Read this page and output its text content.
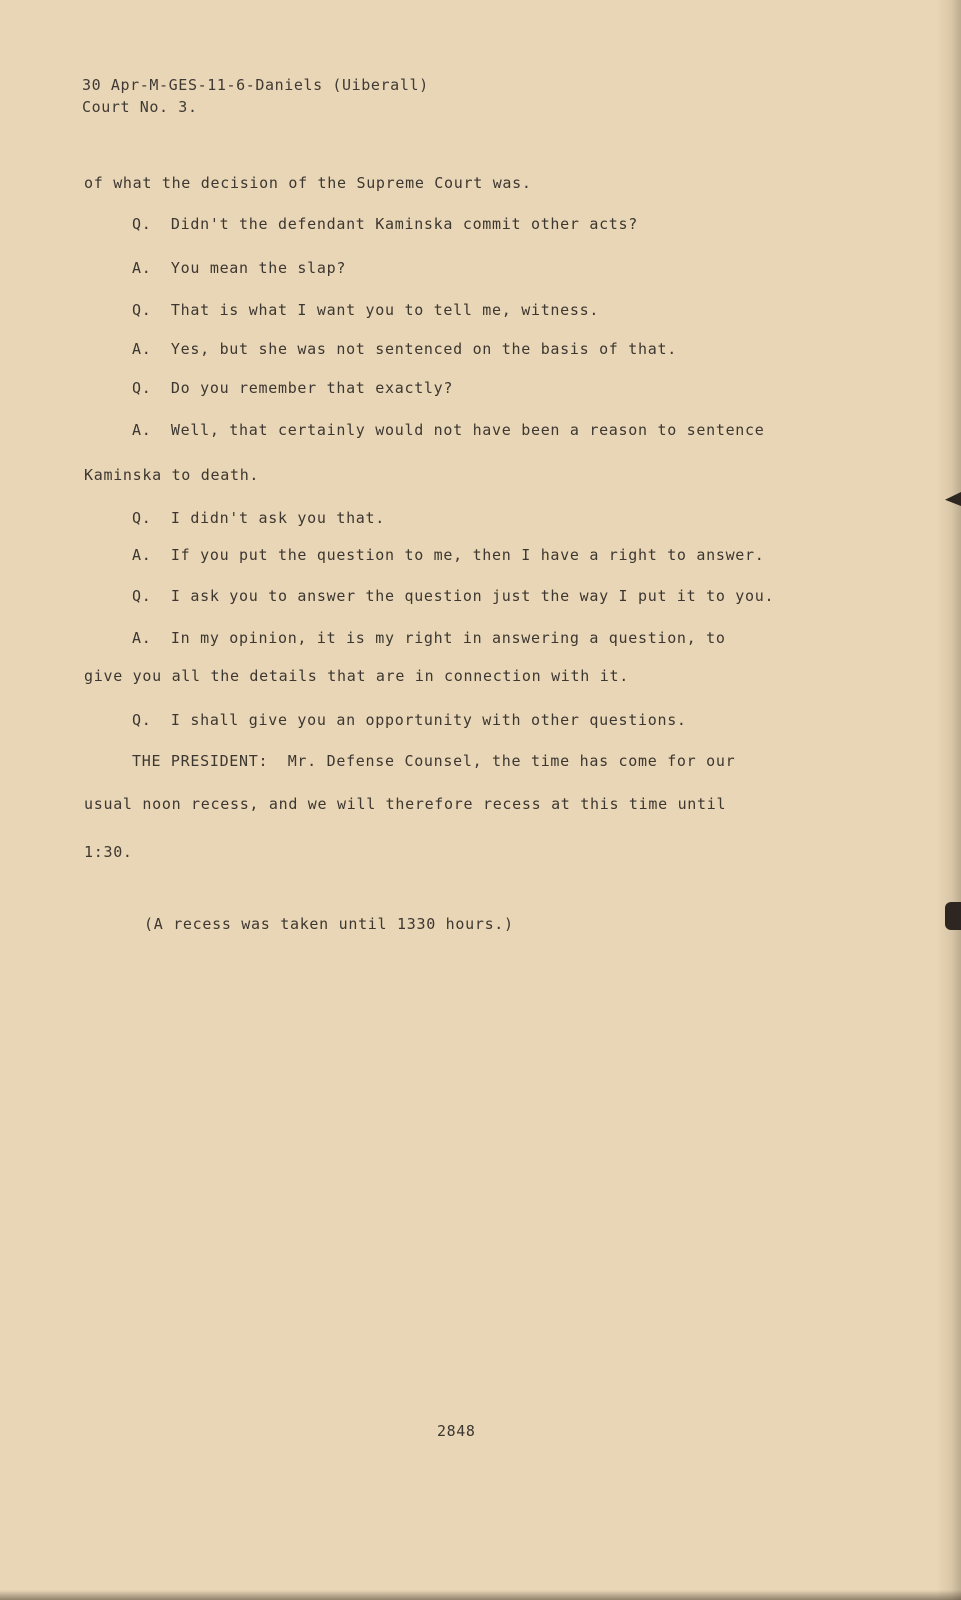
30 Apr-M-GES-11-6-Daniels (Uiberall)
Court No. 3.
of what the decision of the Supreme Court was.
Q.  Didn't the defendant Kaminska commit other acts?
A.  You mean the slap?
Q.  That is what I want you to tell me, witness.
A.  Yes, but she was not sentenced on the basis of that.
Q.  Do you remember that exactly?
A.  Well, that certainly would not have been a reason to sentence
Kaminska to death.
Q.  I didn't ask you that.
A.  If you put the question to me, then I have a right to answer.
Q.  I ask you to answer the question just the way I put it to you.
A.  In my opinion, it is my right in answering a question, to
give you all the details that are in connection with it.
Q.  I shall give you an opportunity with other questions.
THE PRESIDENT:  Mr. Defense Counsel, the time has come for our
usual noon recess, and we will therefore recess at this time until
1:30.
(A recess was taken until 1330 hours.)
2848
